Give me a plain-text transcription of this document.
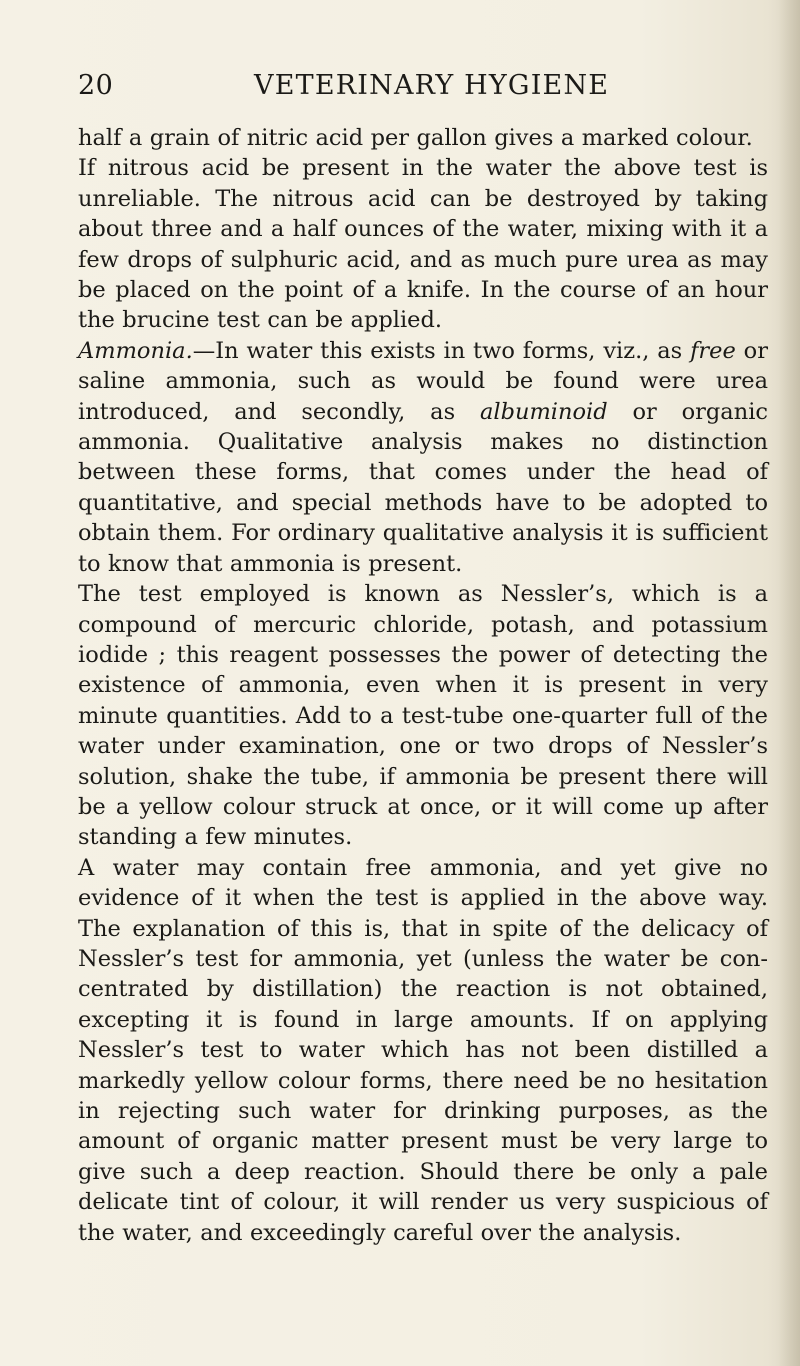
20	VETERINARY HYGIENE

half a grain of nitric acid per gallon gives a marked colour.

If nitrous acid be present in the water the above test is unreliable. The nitrous acid can be destroyed by taking about three and a half ounces of the water, mixing with it a few drops of sulphuric acid, and as much pure urea as may be placed on the point of a knife. In the course of an hour the brucine test can be applied.

Ammonia.—In water this exists in two forms, viz., as free or saline ammonia, such as would be found were urea introduced, and secondly, as albuminoid or organic ammonia. Qualitative analysis makes no distinction between these forms, that comes under the head of quantitative, and special methods have to be adopted to obtain them. For ordinary qualitative analysis it is sufficient to know that ammonia is present.

The test employed is known as Nessler’s, which is a compound of mercuric chloride, potash, and potassium iodide ; this reagent possesses the power of detecting the existence of ammonia, even when it is present in very minute quantities. Add to a test-tube one-quarter full of the water under examination, one or two drops of Nessler’s solution, shake the tube, if ammonia be present there will be a yellow colour struck at once, or it will come up after standing a few minutes.

A water may contain free ammonia, and yet give no evidence of it when the test is applied in the above way. The explanation of this is, that in spite of the delicacy of Nessler’s test for ammonia, yet (unless the water be con-centrated by distillation) the reaction is not obtained, excepting it is found in large amounts. If on applying Nessler’s test to water which has not been distilled a markedly yellow colour forms, there need be no hesitation in rejecting such water for drinking purposes, as the amount of organic matter present must be very large to give such a deep reaction. Should there be only a pale delicate tint of colour, it will render us very suspicious of the water, and exceedingly careful over the analysis.
